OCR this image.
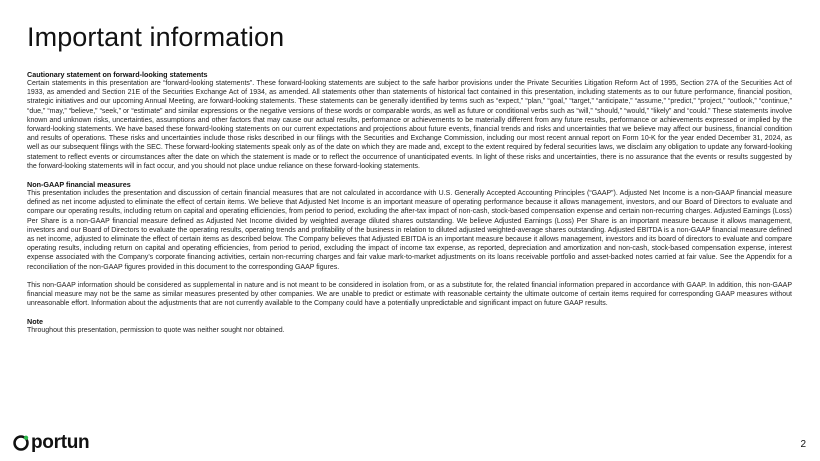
Important information
Cautionary statement on forward-looking statements

Certain statements in this presentation are “forward-looking statements”. These forward-looking statements are subject to the safe harbor provisions under the Private Securities Litigation Reform Act of 1995, Section 27A of the Securities Act of 1933, as amended and Section 21E of the Securities Exchange Act of 1934, as amended. All statements other than statements of historical fact contained in this presentation, including statements as to our future performance, financial position, strategic initiatives and our upcoming Annual Meeting, are forward-looking statements. These statements can be generally identified by terms such as “expect,” “plan,” “goal,” “target,” “anticipate,” “assume,” “predict,” “project,” “outlook,” “continue,” “due,” “may,” “believe,” “seek,” or “estimate” and similar expressions or the negative versions of these words or comparable words, as well as future or conditional verbs such as “will,” “should,” “would,” “likely” and “could.” These statements involve known and unknown risks, uncertainties, assumptions and other factors that may cause our actual results, performance or achievements to be materially different from any future results, performance or achievements expressed or implied by the forward-looking statements. We have based these forward-looking statements on our current expectations and projections about future events, financial trends and risks and uncertainties that we believe may affect our business, financial condition and results of operations. These risks and uncertainties include those risks described in our filings with the Securities and Exchange Commission, including our most recent annual report on Form 10-K for the year ended December 31, 2024, as well as our subsequent filings with the SEC. These forward-looking statements speak only as of the date on which they are made and, except to the extent required by federal securities laws, we disclaim any obligation to update any forward-looking statement to reflect events or circumstances after the date on which the statement is made or to reflect the occurrence of unanticipated events. In light of these risks and uncertainties, there is no assurance that the events or results suggested by the forward-looking statements will in fact occur, and you should not place undue reliance on these forward-looking statements.

Non-GAAP financial measures

This presentation includes the presentation and discussion of certain financial measures that are not calculated in accordance with U.S. Generally Accepted Accounting Principles (“GAAP”). Adjusted Net Income is a non-GAAP financial measure defined as net income adjusted to eliminate the effect of certain items. We believe that Adjusted Net Income is an important measure of operating performance because it allows management, investors, and our Board of Directors to evaluate and compare our operating results, including return on capital and operating efficiencies, from period to period, excluding the after-tax impact of non-cash, stock-based compensation expense and certain non-recurring charges. Adjusted Earnings (Loss) Per Share is a non-GAAP financial measure defined as Adjusted Net Income divided by weighted average diluted shares outstanding. We believe Adjusted Earnings (Loss) Per Share is an important measure because it allows management, investors and our Board of Directors to evaluate the operating results, operating trends and profitability of the business in relation to diluted adjusted weighted-average shares outstanding. Adjusted EBITDA is a non-GAAP financial measure defined as net income, adjusted to eliminate the effect of certain items as described below. The Company believes that Adjusted EBITDA is an important measure because it allows management, investors and its board of directors to evaluate and compare operating results, including return on capital and operating efficiencies, from period to period, excluding the impact of income tax expense, as reported, depreciation and amortization and non-cash, stock-based compensation expense, interest expense associated with the Company’s corporate financing activities, certain non-recurring charges and fair value mark-to-market adjustments on its loans receivable portfolio and asset-backed notes carried at fair value. See the Appendix for a reconciliation of the non-GAAP figures provided in this document to the corresponding GAAP figures.

This non-GAAP information should be considered as supplemental in nature and is not meant to be considered in isolation from, or as a substitute for, the related financial information prepared in accordance with GAAP. In addition, this non-GAAP financial measure may not be the same as similar measures presented by other companies. We are unable to predict or estimate with reasonable certainty the ultimate outcome of certain items required for corresponding GAAP measures without unreasonable effort. Information about the adjustments that are not currently available to the Company could have a potentially unpredictable and significant impact on future GAAP results.

Note

Throughout this presentation, permission to quote was neither sought nor obtained.

portun	2
